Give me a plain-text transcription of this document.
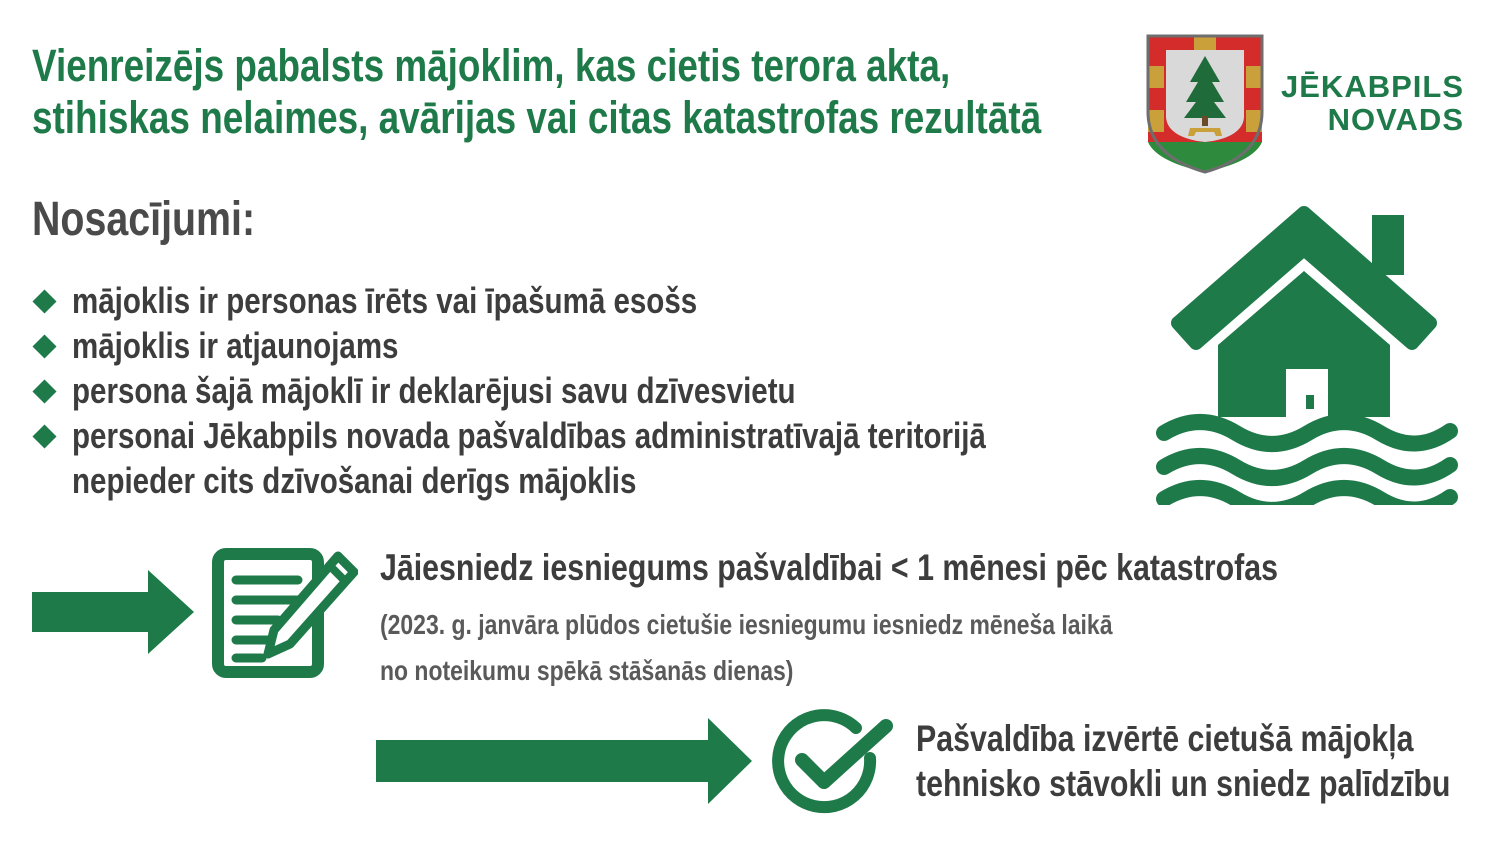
Vienreizējs pabalsts mājoklim, kas cietis terora akta,
stihiskas nelaimes, avārijas vai citas katastrofas rezultātā
JĒKABPILS
NOVADS
Nosacījumi:
mājoklis ir personas īrēts vai īpašumā esošs
mājoklis ir atjaunojams
persona šajā mājoklī ir deklarējusi savu dzīvesvietu
personai Jēkabpils novada pašvaldības administratīvajā teritorijā
nepieder cits dzīvošanai derīgs mājoklis
Jāiesniedz iesniegums pašvaldībai < 1 mēnesi pēc katastrofas
(2023. g. janvāra plūdos cietušie iesniegumu iesniedz mēneša laikā
no noteikumu spēkā stāšanās dienas)
Pašvaldība izvērtē cietušā mājokļa
tehnisko stāvokli un sniedz palīdzību
